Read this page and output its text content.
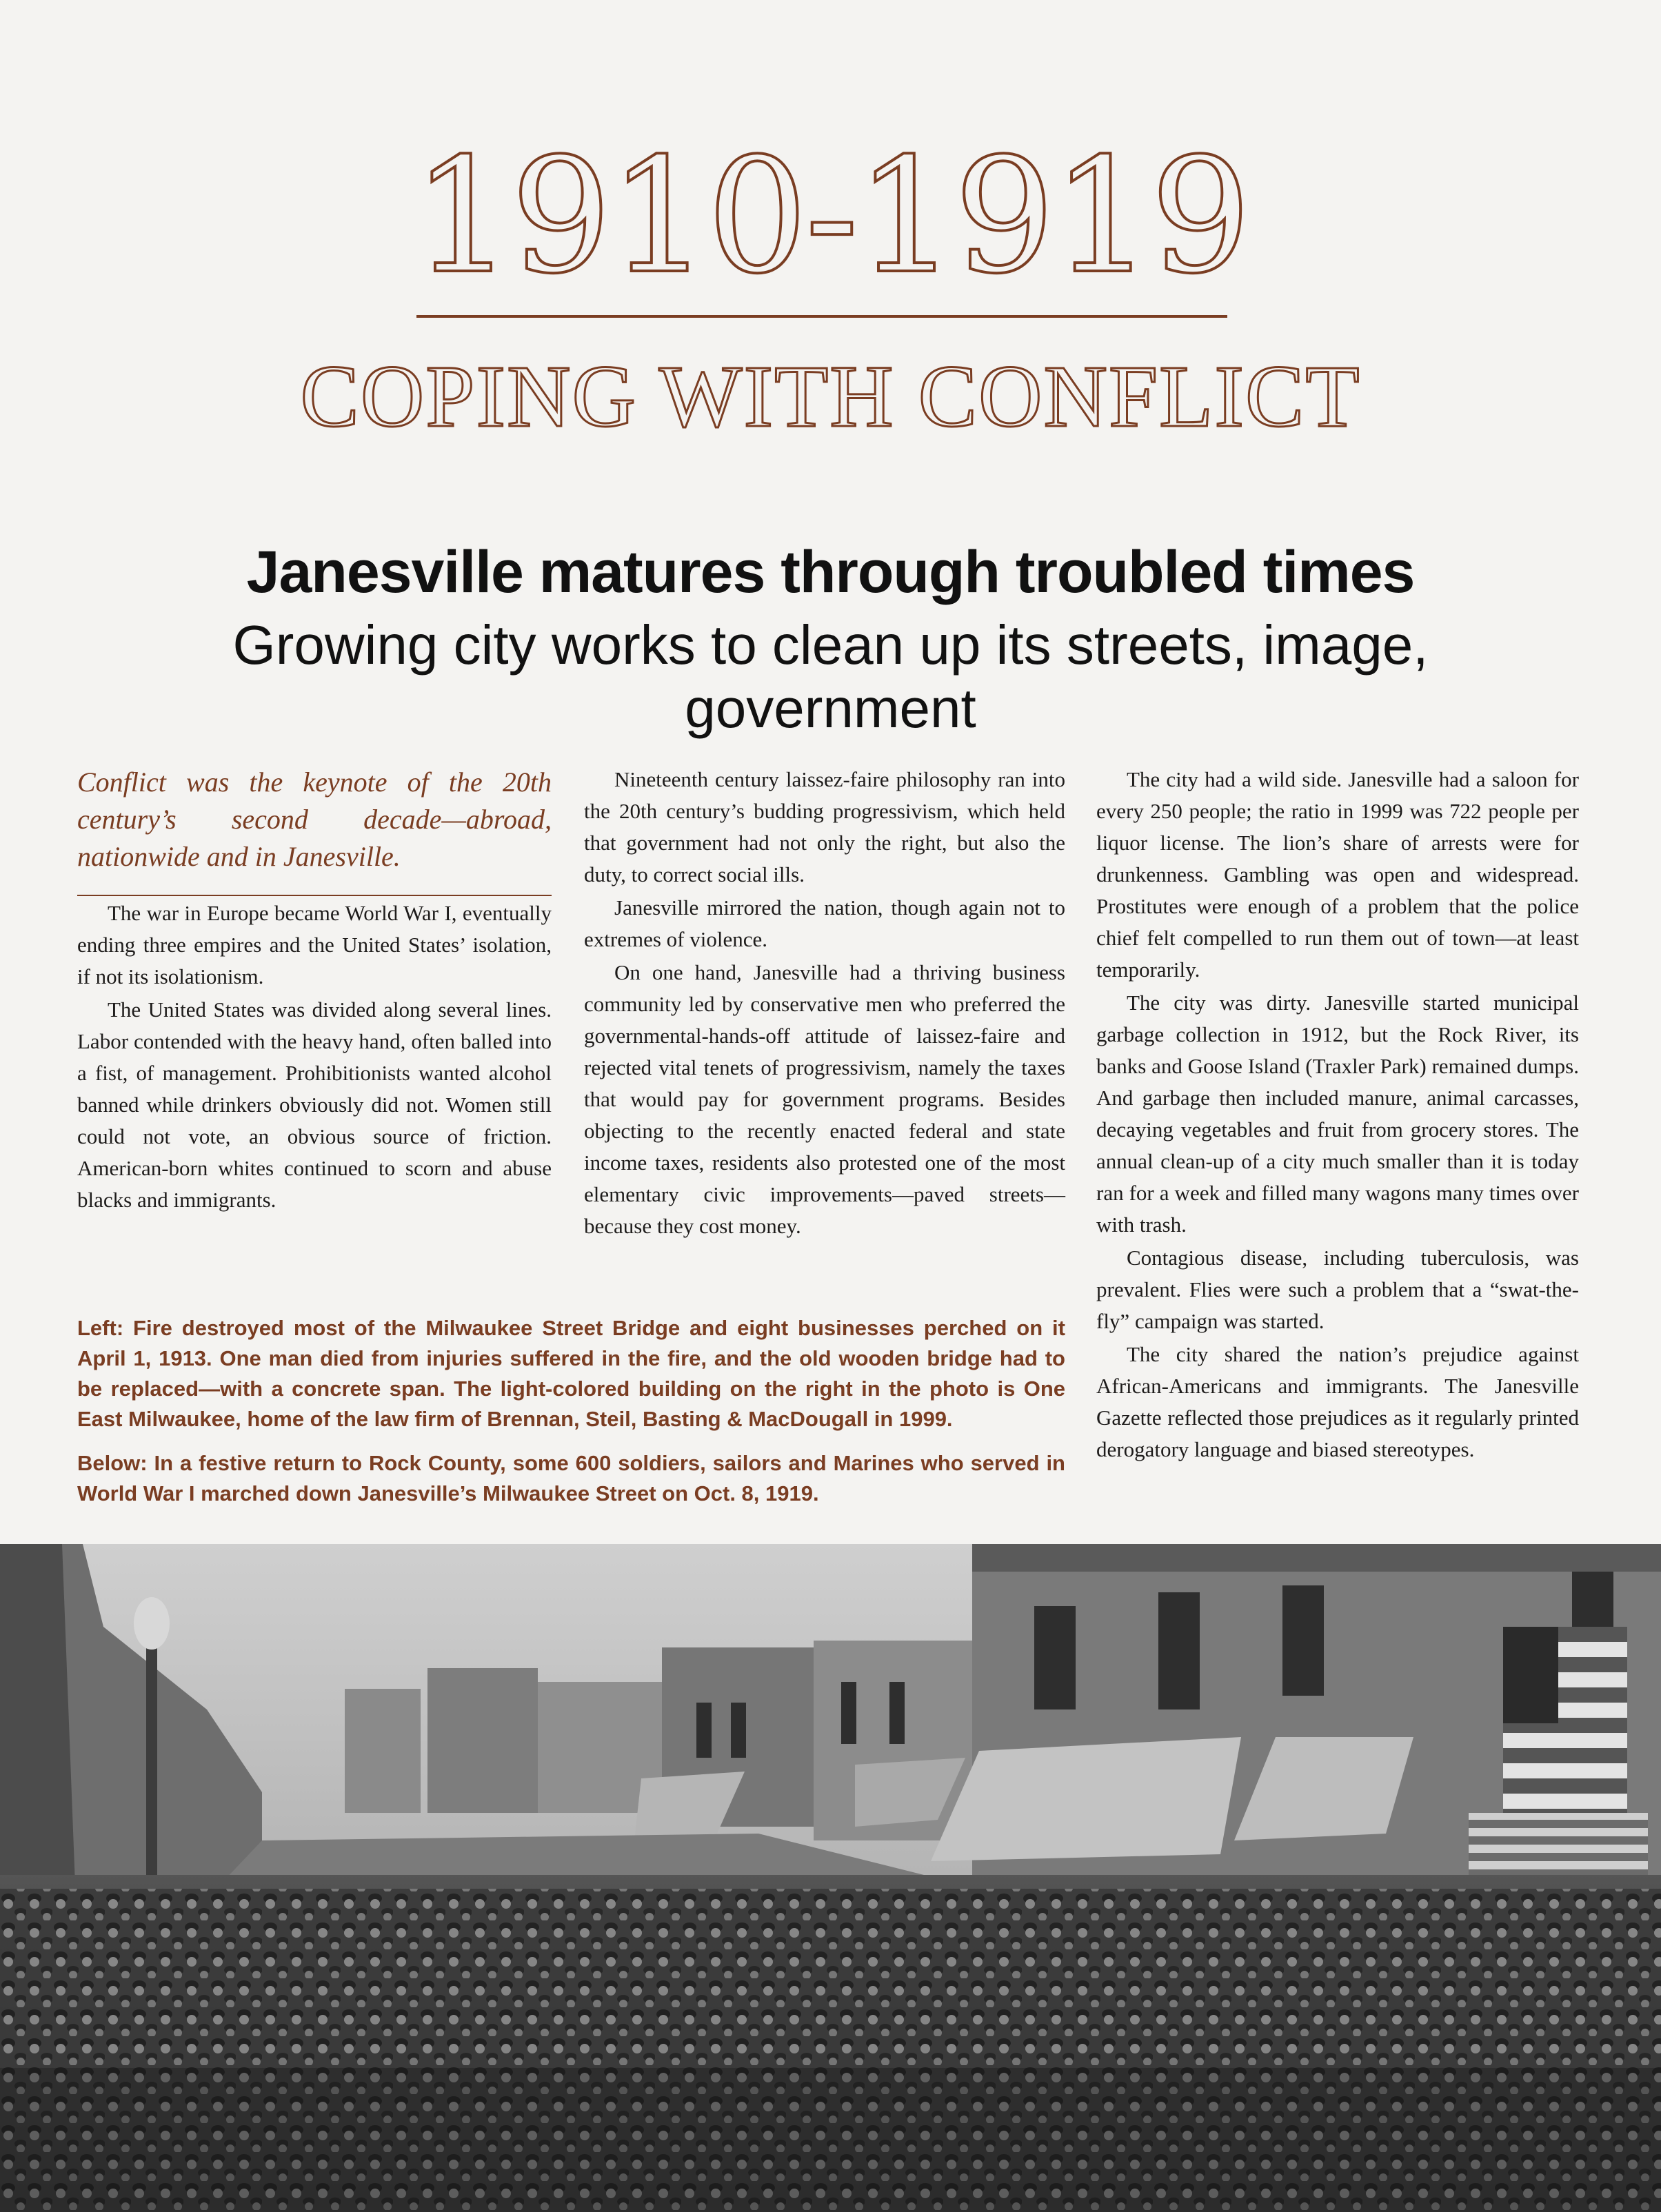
1910-1919
COPING WITH CONFLICT
Janesville matures through troubled times
Growing city works to clean up its streets, image, government

Conflict was the keynote of the 20th century’s second decade—abroad, nationwide and in Janesville.

The war in Europe became World War I, eventually ending three empires and the United States’ isolation, if not its isolationism.

The United States was divided along several lines. Labor contended with the heavy hand, often balled into a fist, of management. Prohibitionists wanted alcohol banned while drinkers obviously did not. Women still could not vote, an obvious source of friction. American-born whites continued to scorn and abuse blacks and immigrants.

Nineteenth century laissez-faire philosophy ran into the 20th century’s budding progressivism, which held that government had not only the right, but also the duty, to correct social ills.

Janesville mirrored the nation, though again not to extremes of violence.

On one hand, Janesville had a thriving business community led by conservative men who preferred the governmental-hands-off attitude of laissez-faire and rejected vital tenets of progressivism, namely the taxes that would pay for government programs. Besides objecting to the recently enacted federal and state income taxes, residents also protested one of the most elementary civic improvements—paved streets—because they cost money.

The city had a wild side. Janesville had a saloon for every 250 people; the ratio in 1999 was 722 people per liquor license. The lion’s share of arrests were for drunkenness. Gambling was open and widespread. Prostitutes were enough of a problem that the police chief felt compelled to run them out of town—at least temporarily.

The city was dirty. Janesville started municipal garbage collection in 1912, but the Rock River, its banks and Goose Island (Traxler Park) remained dumps. And garbage then included manure, animal carcasses, decaying vegetables and fruit from grocery stores. The annual clean-up of a city much smaller than it is today ran for a week and filled many wagons many times over with trash.

Contagious disease, including tuberculosis, was prevalent. Flies were such a problem that a “swat-the-fly” campaign was started.

The city shared the nation’s prejudice against African-Americans and immigrants. The Janesville Gazette reflected those prejudices as it regularly printed derogatory language and biased stereotypes.

Left: Fire destroyed most of the Milwaukee Street Bridge and eight businesses perched on it April 1, 1913. One man died from injuries suffered in the fire, and the old wooden bridge had to be replaced—with a concrete span. The light-colored building on the right in the photo is One East Milwaukee, home of the law firm of Brennan, Steil, Basting & MacDougall in 1999.

Below: In a festive return to Rock County, some 600 soldiers, sailors and Marines who served in World War I marched down Janesville’s Milwaukee Street on Oct. 8, 1919.
